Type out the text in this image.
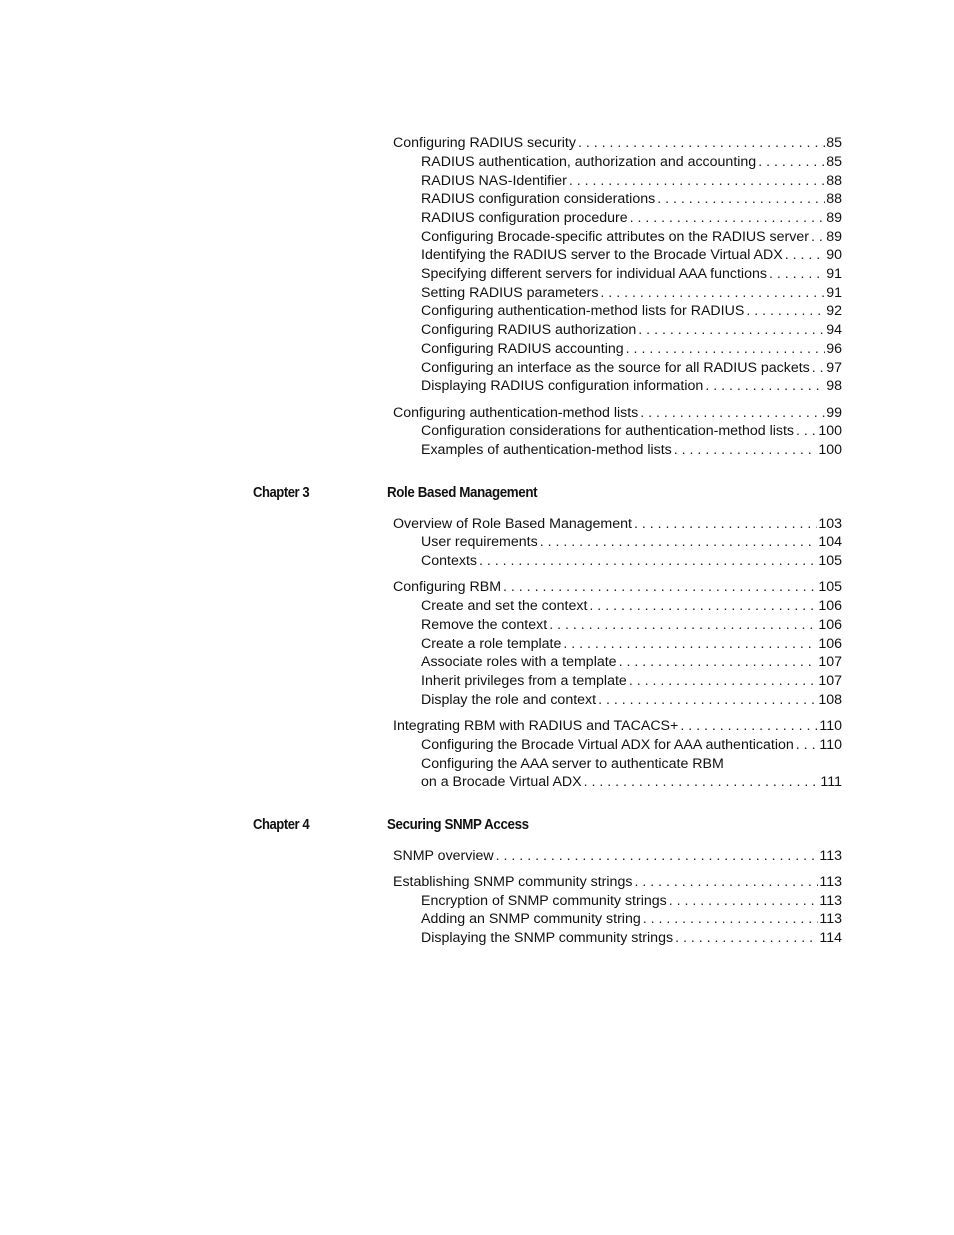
Configuring RADIUS security . . .	85
RADIUS authentication, authorization and accounting . . .	85
RADIUS NAS-Identifier . . .	88
RADIUS configuration considerations . . .	88
RADIUS configuration procedure . . .	89
Configuring Brocade-specific attributes on the RADIUS server . . . 89
Identifying the RADIUS server to the Brocade Virtual ADX . . .	90
Specifying different servers for individual AAA functions . . .	91
Setting RADIUS parameters . . .	91
Configuring authentication-method lists for RADIUS . . .	92
Configuring RADIUS authorization . . .	94
Configuring RADIUS accounting . . .	96
Configuring an interface as the source for all RADIUS packets . . . 97
Displaying RADIUS configuration information . . .	98
Configuring authentication-method lists . . .	99
Configuration considerations for authentication-method lists . . . 100
Examples of authentication-method lists . . .	100
Chapter 3	Role Based Management
Overview of Role Based Management . . .	103
User requirements . . .	104
Contexts . . .	105
Configuring RBM . . .	105
Create and set the context . . .	106
Remove the context . . .	106
Create a role template . . .	106
Associate roles with a template . . .	107
Inherit privileges from a template . . .	107
Display the role and context . . .	108
Integrating RBM with RADIUS and TACACS+ . . .	110
Configuring the Brocade Virtual ADX for AAA authentication . . . 110
Configuring the AAA server to authenticate RBM
on a Brocade Virtual ADX . . .	111
Chapter 4	Securing SNMP Access
SNMP overview . . .	113
Establishing SNMP community strings . . .	113
Encryption of SNMP community strings . . .	113
Adding an SNMP community string . . .	113
Displaying the SNMP community strings . . .	114
